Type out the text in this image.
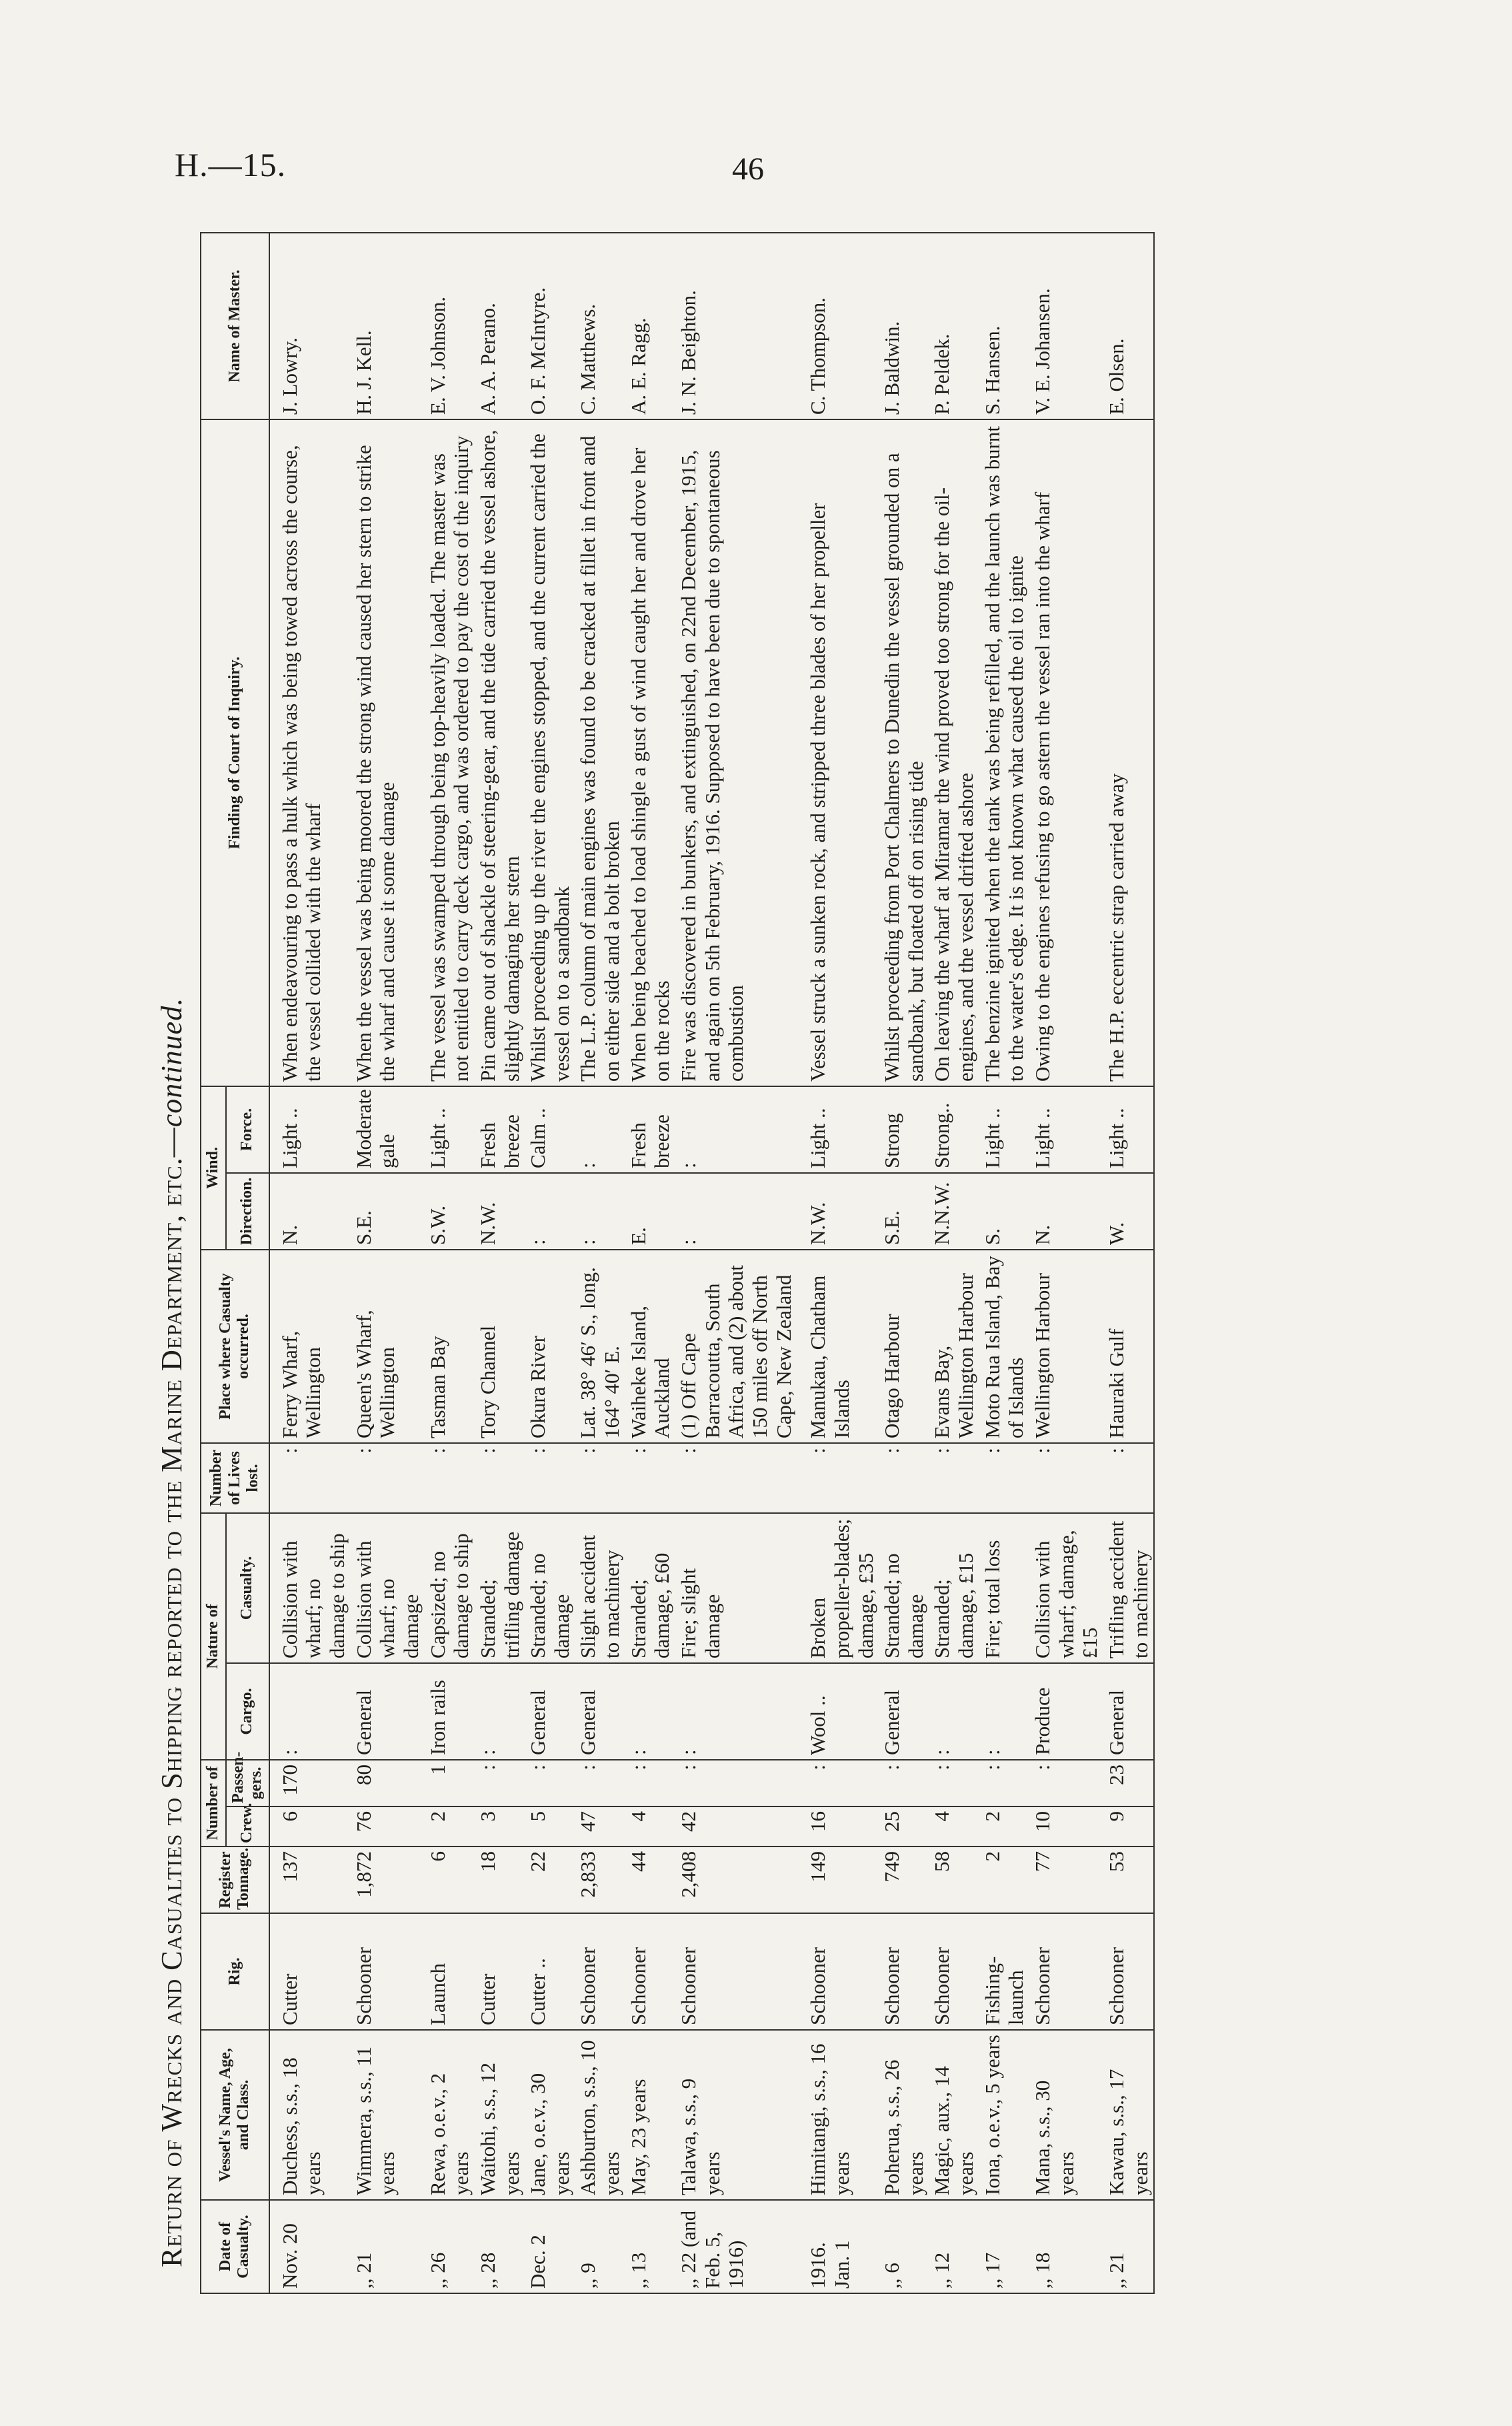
H.—15.	46
Return of Wrecks and Casualties to Shipping reported to the Marine Department, etc.—continued.
Date of Casualty.	Vessel's Name, Age, and Class.	Rig.	Register Tonnage.	Number of		Nature of		Number of Lives lost.	Place where Casualty occurred.	Wind.		Finding of Court of Inquiry.	Name of Master.
				Crew.	Passen-gers.	Cargo.	Casualty.			Direction.	Force.		
Nov. 20	Duchess, s.s., 18 years	Cutter	137	6	170	:	Collision with wharf; no damage to ship	:	Ferry Wharf, Wellington	N.	Light ..	When endeavouring to pass a hulk which was being towed across the course, the vessel collided with the wharf	J. Lowry.
,, 21	Wimmera, s.s., 11 years	Schooner	1,872	76	80	General	Collision with wharf; no damage	:	Queen's Wharf, Wellington	S.E.	Moderate gale	When the vessel was being moored the strong wind caused her stern to strike the wharf and cause it some damage	H. J. Kell.
,, 26	Rewa, o.e.v., 2 years	Launch	6	2	1	Iron rails	Capsized; no damage to ship	:	Tasman Bay	S.W.	Light ..	The vessel was swamped through being top-heavily loaded. The master was not entitled to carry deck cargo, and was ordered to pay the cost of the inquiry	E. V. Johnson.
,, 28	Waitohi, s.s., 12 years	Cutter	18	3	:	:	Stranded; trifling damage	:	Tory Channel	N.W.	Fresh breeze	Pin came out of shackle of steering-gear, and the tide carried the vessel ashore, slightly damaging her stern	A. A. Perano.
Dec. 2	Jane, o.e.v., 30 years	Cutter ..	22	5	:	General	Stranded; no damage	:	Okura River	:	Calm ..	Whilst proceeding up the river the engines stopped, and the current carried the vessel on to a sandbank	O. F. McIntyre.
,, 9	Ashburton, s.s., 10 years	Schooner	2,833	47	:	General	Slight accident to machinery	:	Lat. 38° 46′ S., long. 164° 40′ E.	:	:	The L.P. column of main engines was found to be cracked at fillet in front and on either side and a bolt broken	C. Matthews.
,, 13	May, 23 years	Schooner	44	4	:	:	Stranded; damage, £60	:	Waiheke Island, Auckland	E.	Fresh breeze	When being beached to load shingle a gust of wind caught her and drove her on the rocks	A. E. Ragg.
,, 22 (and Feb. 5, 1916)	Talawa, s.s., 9 years	Schooner	2,408	42	:	:	Fire; slight damage	:	(1) Off Cape Barracoutta, South Africa, and (2) about 150 miles off North Cape, New Zealand	:	:	Fire was discovered in bunkers, and extinguished, on 22nd December, 1915, and again on 5th February, 1916. Supposed to have been due to spontaneous combustion	J. N. Beighton.

1916. Jan. 1	Himitangi, s.s., 16 years	Schooner	149	16	:	Wool ..	Broken propeller-blades; damage, £35	:	Manukau, Chatham Islands	N.W.	Light ..	Vessel struck a sunken rock, and stripped three blades of her propeller	C. Thompson.
,, 6	Poherua, s.s., 26 years	Schooner	749	25	:	General	Stranded; no damage	:	Otago Harbour	S.E.	Strong	Whilst proceeding from Port Chalmers to Dunedin the vessel grounded on a sandbank, but floated off on rising tide	J. Baldwin.
,, 12	Magic, aux., 14 years	Schooner	58	4	:	:	Stranded; damage, £15	:	Evans Bay, Wellington Harbour	N.N.W.	Strong..	On leaving the wharf at Miramar the wind proved too strong for the oil-engines, and the vessel drifted ashore	P. Peldek.
,, 17	Iona, o.e.v., 5 years	Fishing-launch	2	2	:	:	Fire; total loss	:	Moto Rua Island, Bay of Islands	S.	Light ..	The benzine ignited when the tank was being refilled, and the launch was burnt to the water's edge. It is not known what caused the oil to ignite	S. Hansen.
,, 18	Mana, s.s., 30 years	Schooner	77	10	:	Produce	Collision with wharf; damage, £15	:	Wellington Harbour	N.	Light ..	Owing to the engines refusing to go astern the vessel ran into the wharf	V. E. Johansen.
,, 21	Kawau, s.s., 17 years	Schooner	53	9	23	General	Trifling accident to machinery	:	Hauraki Gulf	W.	Light ..	The H.P. eccentric strap carried away	E. Olsen.
